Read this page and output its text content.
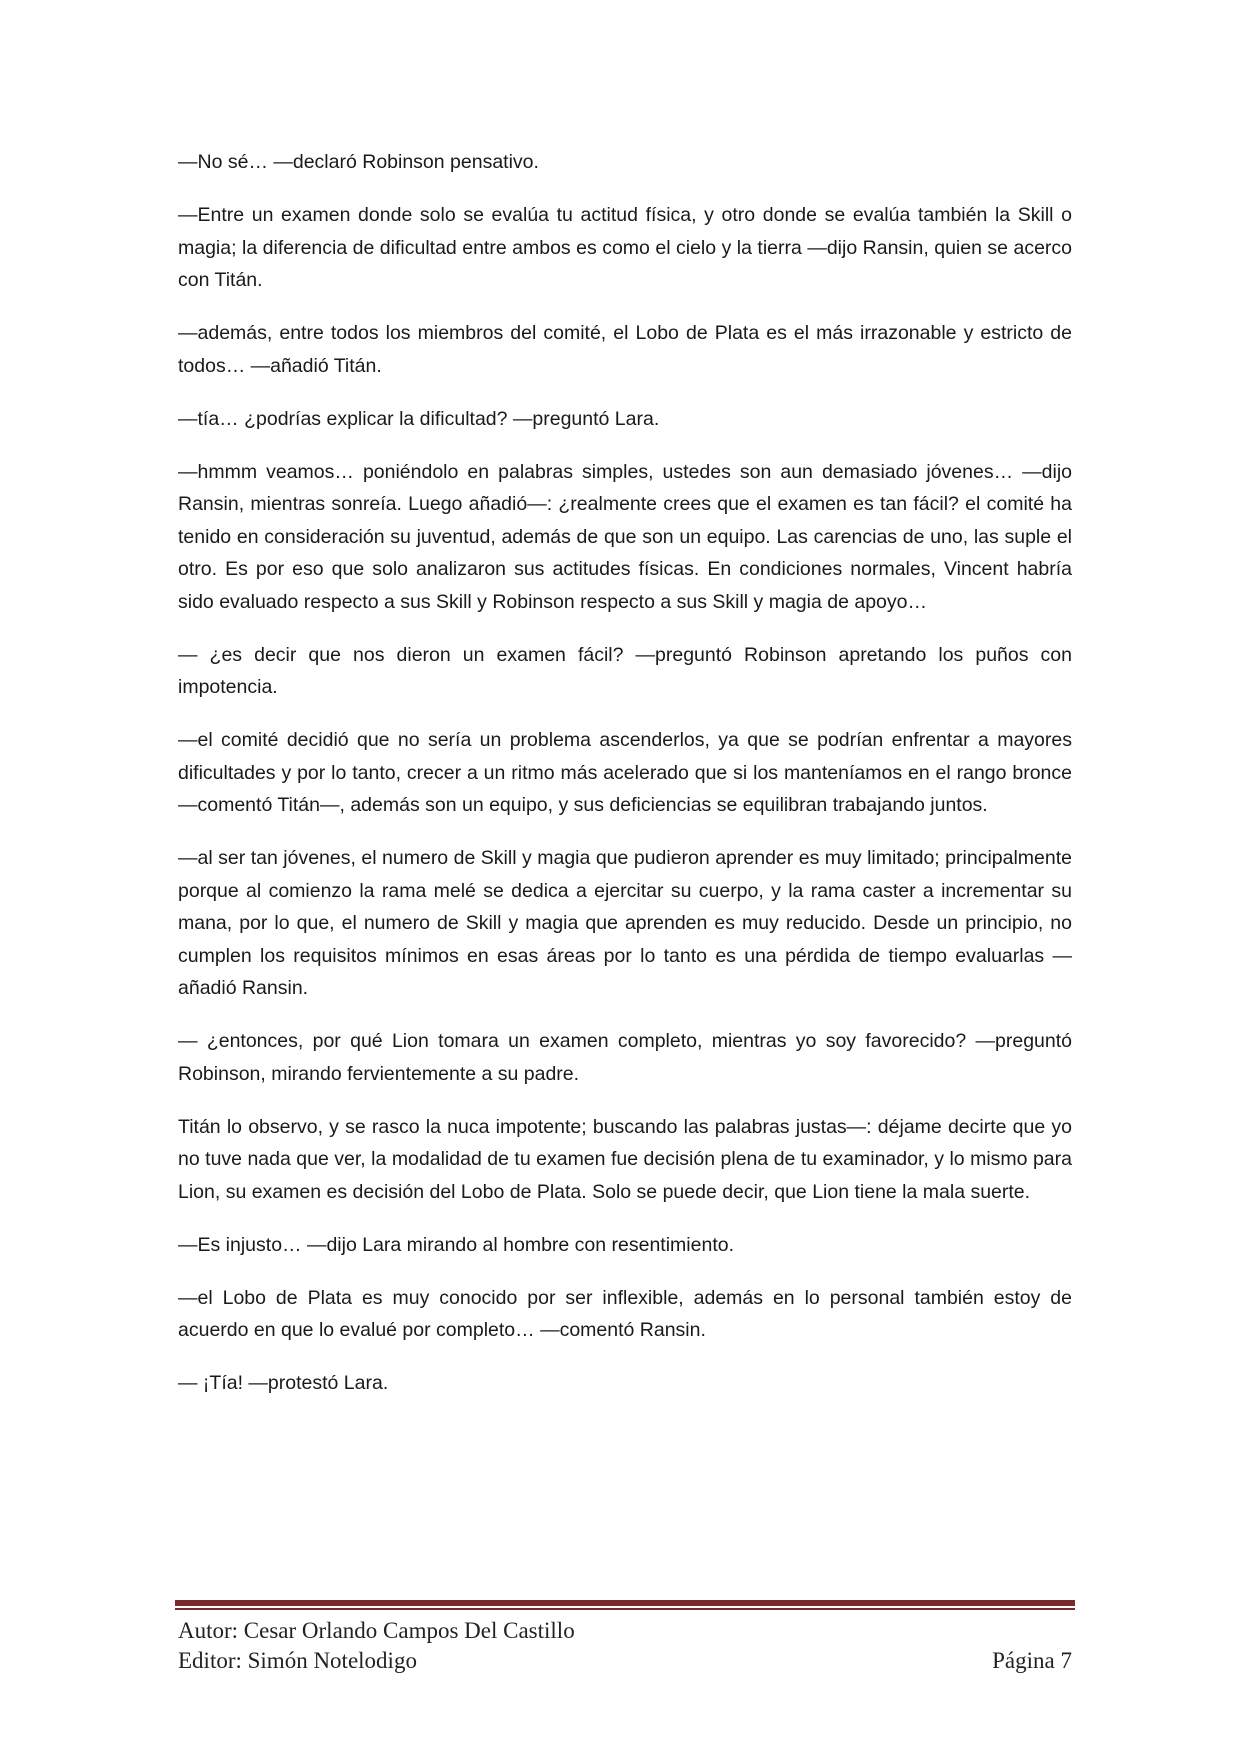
—No sé… —declaró Robinson pensativo.

—Entre un examen donde solo se evalúa tu actitud física, y otro donde se evalúa también la Skill o magia; la diferencia de dificultad entre ambos es como el cielo y la tierra —dijo Ransin, quien se acerco con Titán.

—además, entre todos los miembros del comité, el Lobo de Plata es el más irrazonable y estricto de todos… —añadió Titán.

—tía… ¿podrías explicar la dificultad? —preguntó Lara.

—hmmm veamos… poniéndolo en palabras simples, ustedes son aun demasiado jóvenes… —dijo Ransin, mientras sonreía. Luego añadió—: ¿realmente crees que el examen es tan fácil? el comité ha tenido en consideración su juventud, además de que son un equipo. Las carencias de uno, las suple el otro. Es por eso que solo analizaron sus actitudes físicas. En condiciones normales, Vincent habría sido evaluado respecto a sus Skill y Robinson respecto a sus Skill y magia de apoyo…

— ¿es decir que nos dieron un examen fácil? —preguntó Robinson apretando los puños con impotencia.

—el comité decidió que no sería un problema ascenderlos, ya que se podrían enfrentar a mayores dificultades y por lo tanto, crecer a un ritmo más acelerado que si los manteníamos en el rango bronce —comentó Titán—, además son un equipo, y sus deficiencias se equilibran trabajando juntos.

—al ser tan jóvenes, el numero de Skill y magia que pudieron aprender es muy limitado; principalmente porque al comienzo la rama melé se dedica a ejercitar su cuerpo, y la rama caster a incrementar su mana, por lo que, el numero de Skill y magia que aprenden es muy reducido. Desde un principio, no cumplen los requisitos mínimos en esas áreas por lo tanto es una pérdida de tiempo evaluarlas —añadió Ransin.

— ¿entonces, por qué Lion tomara un examen completo, mientras yo soy favorecido? —preguntó Robinson, mirando fervientemente a su padre.

Titán lo observo, y se rasco la nuca impotente; buscando las palabras justas—: déjame decirte que yo no tuve nada que ver, la modalidad de tu examen fue decisión plena de tu examinador, y lo mismo para Lion, su examen es decisión del Lobo de Plata. Solo se puede decir, que Lion tiene la mala suerte.

—Es injusto… —dijo Lara mirando al hombre con resentimiento.

—el Lobo de Plata es muy conocido por ser inflexible, además en lo personal también estoy de acuerdo en que lo evalué por completo… —comentó Ransin.

— ¡Tía! —protestó Lara.

Autor: Cesar Orlando Campos Del Castillo
Editor: Simón Notelodigo	Página 7
